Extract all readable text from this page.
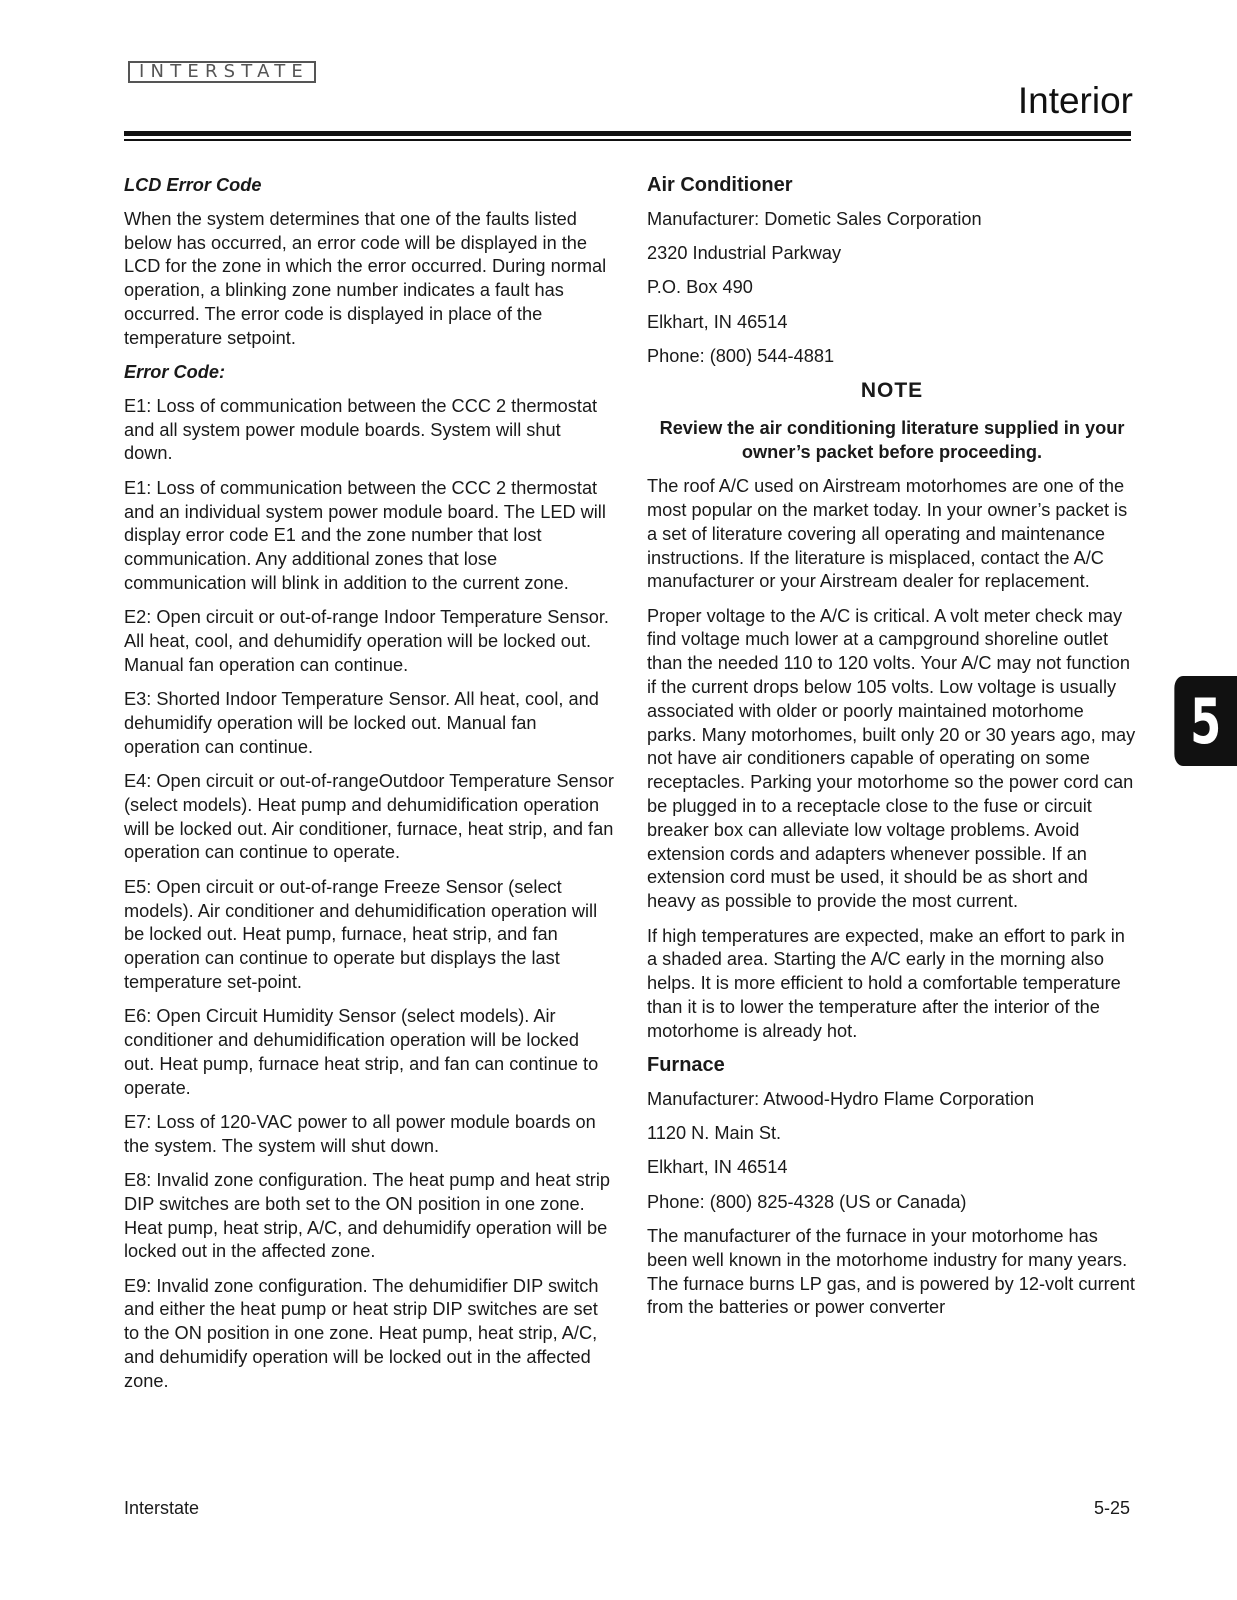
INTERSTATE
Interior

LCD Error Code

When the system determines that one of the faults listed below has occurred, an error code will be displayed in the LCD for the zone in which the error occurred. During normal operation, a blinking zone number indicates a fault has occurred. The error code is displayed in place of the temperature setpoint.

Error Code:

E1: Loss of communication between the CCC 2 thermostat and all system power module boards. System will shut down.

E1: Loss of communication between the CCC 2 thermostat and an individual system power module board. The LED will display error code E1 and the zone number that lost communication. Any additional zones that lose communication will blink in addition to the current zone.

E2: Open circuit or out-of-range Indoor Temperature Sensor. All heat, cool, and dehumidify operation will be locked out. Manual fan operation can continue.

E3: Shorted Indoor Temperature Sensor. All heat, cool, and dehumidify operation will be locked out. Manual fan operation can continue.

E4: Open circuit or out-of-rangeOutdoor Temperature Sensor (select models). Heat pump and dehumidification operation will be locked out. Air conditioner, furnace, heat strip, and fan operation can continue to operate.

E5: Open circuit or out-of-range Freeze Sensor (select models). Air conditioner and dehumidification operation will be locked out. Heat pump, furnace, heat strip, and fan operation can continue to operate but displays the last temperature set-point.

E6: Open Circuit Humidity Sensor (select models). Air conditioner and dehumidification operation will be locked out. Heat pump, furnace heat strip, and fan can continue to operate.

E7: Loss of 120-VAC power to all power module boards on the system. The system will shut down.

E8: Invalid zone configuration. The heat pump and heat strip DIP switches are both set to the ON position in one zone. Heat pump, heat strip, A/C, and dehumidify operation will be locked out in the affected zone.

E9: Invalid zone configuration. The dehumidifier DIP switch and either the heat pump or heat strip DIP switches are set to the ON position in one zone. Heat pump, heat strip, A/C, and dehumidify operation will be locked out in the affected zone.

Air Conditioner

Manufacturer: Dometic Sales Corporation

2320 Industrial Parkway

P.O. Box 490

Elkhart, IN 46514

Phone: (800) 544-4881

NOTE

Review the air conditioning literature supplied in your owner’s packet before proceeding.

The roof A/C used on Airstream motorhomes are one of the most popular on the market today. In your owner’s packet is a set of literature covering all operating and maintenance instructions. If the literature is misplaced, contact the A/C manufacturer or your Airstream dealer for replacement.

Proper voltage to the A/C is critical. A volt meter check may find voltage much lower at a campground shoreline outlet than the needed 110 to 120 volts. Your A/C may not function if the current drops below 105 volts. Low voltage is usually associated with older or poorly maintained motorhome parks. Many motorhomes, built only 20 or 30 years ago, may not have air conditioners capable of operating on some receptacles. Parking your motorhome so the power cord can be plugged in to a receptacle close to the fuse or circuit breaker box can alleviate low voltage problems. Avoid extension cords and adapters whenever possible. If an extension cord must be used, it should be as short and heavy as possible to provide the most current.

If high temperatures are expected, make an effort to park in a shaded area. Starting the A/C early in the morning also helps. It is more efficient to hold a comfortable temperature than it is to lower the temperature after the interior of the motorhome is already hot.

Furnace

Manufacturer: Atwood-Hydro Flame Corporation

1120 N. Main St.

Elkhart, IN 46514

Phone: (800) 825-4328 (US or Canada)

The manufacturer of the furnace in your motorhome has been well known in the motorhome industry for many years. The furnace burns LP gas, and is powered by 12-volt current from the batteries or power converter

5
Interstate	5-25
